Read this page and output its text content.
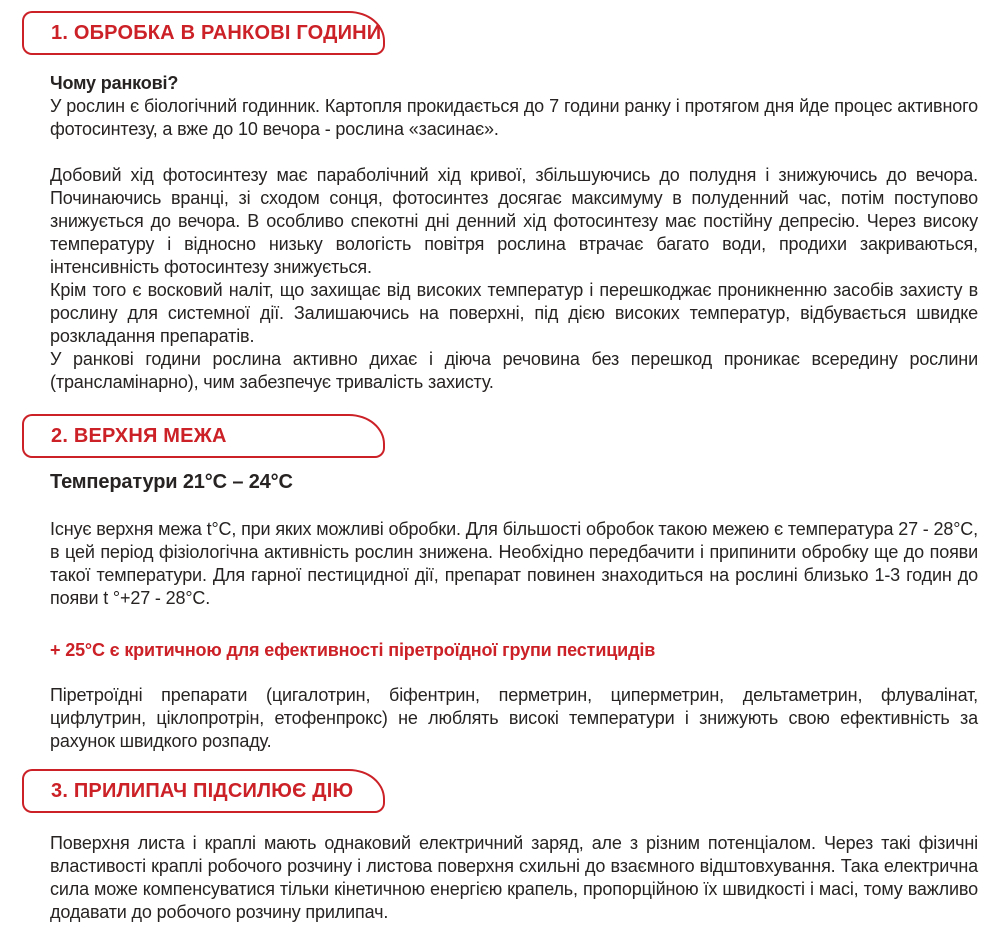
1. ОБРОБКА В РАНКОВІ ГОДИНИ

Чому ранкові?

У рослин є біологічний годинник. Картопля прокидається до 7 години ранку і протягом дня йде процес активного фотосинтезу, а вже до 10 вечора - рослина «засинає».

Добовий хід фотосинтезу має параболічний хід кривої, збільшуючись до полудня і знижуючись до вечора. Починаючись вранці, зі сходом сонця, фотосинтез досягає максимуму в полуденний час, потім поступово знижується до вечора. В особливо спекотні дні денний хід фотосинтезу має постійну депресію. Через високу температуру і відносно низьку вологість повітря рослина втрачає багато води, продихи закриваються, інтенсивність фотосинтезу знижується.

Крім того є восковий наліт, що захищає від високих температур і перешкоджає проникненню засобів захисту в рослину для системної дії. Залишаючись на поверхні, під дією високих температур, відбувається швидке розкладання препаратів.

У ранкові години рослина активно дихає і діюча речовина без перешкод проникає всередину рослини (трансламінарно), чим забезпечує тривалість захисту.

2. ВЕРХНЯ МЕЖА

Температури 21°С – 24°С

Існує верхня межа t°С, при яких можливі обробки. Для більшості обробок такою межею є температура 27 - 28°С, в цей період фізіологічна активність рослин знижена. Необхідно передбачити і припинити обробку ще до появи такої температури. Для гарної пестицидної дії, препарат повинен знаходиться на рослині близько 1-3 годин до появи t °+27 - 28°С.

+ 25°С є критичною для ефективності піретроїдної групи пестицидів

Піретроїдні препарати (цигалотрин, біфентрин, перметрин, циперметрин, дельтаметрин, флувалінат, цифлутрин, ціклопротрін, етофенпрокс) не люблять високі температури і знижують свою ефективність за рахунок швидкого розпаду.

3. ПРИЛИПАЧ ПІДСИЛЮЄ ДІЮ

Поверхня листа і краплі мають однаковий електричний заряд, але з різним потенціалом. Через такі фізичні властивості краплі робочого розчину і листова поверхня схильні до взаємного відштовхування. Така електрична сила може компенсуватися тільки кінетичною енергією крапель, пропорційною їх швидкості і масі, тому важливо додавати до робочого розчину прилипач.
